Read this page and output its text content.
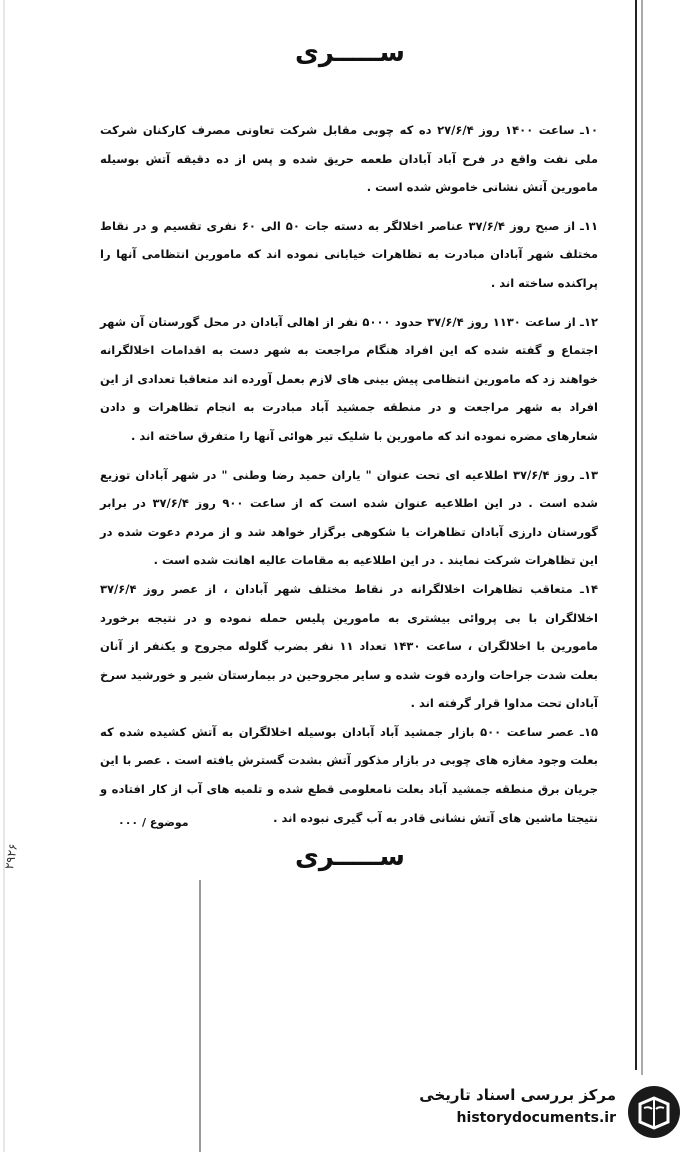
ســـــری

۱۰ـ ساعت ۱۴۰۰ روز ۲۷/۶/۴ ده که چوبی مقابل شرکت تعاونی مصرف کارکنان شرکت ملی نفت واقع در فرح آباد آبادان طعمه حریق شده و پس از ده دقیقه آتش بوسیله مامورین آتش نشانی خاموش شده است .

۱۱ـ از صبح روز ۳۷/۶/۴ عناصر اخلالگر به دسته جات ۵۰ الی ۶۰ نفری تقسیم و در نقاط مختلف شهر آبادان مبادرت به تظاهرات خیابانی نموده اند که مامورین انتظامی آنها را پراکنده ساخته اند .

۱۲ـ از ساعت ۱۱۳۰ روز ۳۷/۶/۴ حدود ۵۰۰۰ نفر از اهالی آبادان در محل گورستان آن شهر اجتماع و گفته شده که این افراد هنگام مراجعت به شهر دست به اقدامات اخلالگرانه خواهند زد که مامورین انتظامی پیش بینی های لازم بعمل آورده اند متعاقبا تعدادی از این افراد به شهر مراجعت و در منطقه جمشید آباد مبادرت به انجام تظاهرات و دادن شعارهای مضره نموده اند که مامورین با شلیک تیر هوائی آنها را متفرق ساخته اند .

۱۳ـ روز ۳۷/۶/۴ اطلاعیه ای تحت عنوان " یاران حمید رضا وطنی " در شهر آبادان توزیع شده است . در این اطلاعیه عنوان شده است که از ساعت ۹۰۰ روز ۳۷/۶/۴ در برابر گورستان دارزی آبادان تظاهرات با شکوهی برگزار خواهد شد و از مردم دعوت شده در این تظاهرات شرکت نمایند . در این اطلاعیه به مقامات عالیه اهانت شده است .

۱۴ـ متعاقب تظاهرات اخلالگرانه در نقاط مختلف شهر آبادان ، از عصر روز ۳۷/۶/۴ اخلالگران با بی پروائی بیشتری به مامورین پلیس حمله نموده و در نتیجه برخورد مامورین با اخلالگران ، ساعت ۱۴۳۰ تعداد ۱۱ نفر بضرب گلوله مجروح و یکنفر از آنان بعلت شدت جراحات وارده فوت شده و سایر مجروحین در بیمارستان شیر و خورشید سرخ آبادان تحت مداوا قرار گرفته اند .

۱۵ـ عصر ساعت ۵۰۰ بازار جمشید آباد آبادان بوسیله اخلالگران به آتش کشیده شده که بعلت وجود مغازه های چوبی در بازار مذکور آتش بشدت گسترش یافته است . عصر با این جریان برق منطقه جمشید آباد بعلت نامعلومی قطع شده و تلمبه های آب از کار افتاده و نتیجتا ماشین های آتش نشانی قادر به آب گیری نبوده اند .

موضوع / ۰۰۰
ســـــری
۲۹۲۶
مرکز بررسی اسناد تاریخی
historydocuments.ir
